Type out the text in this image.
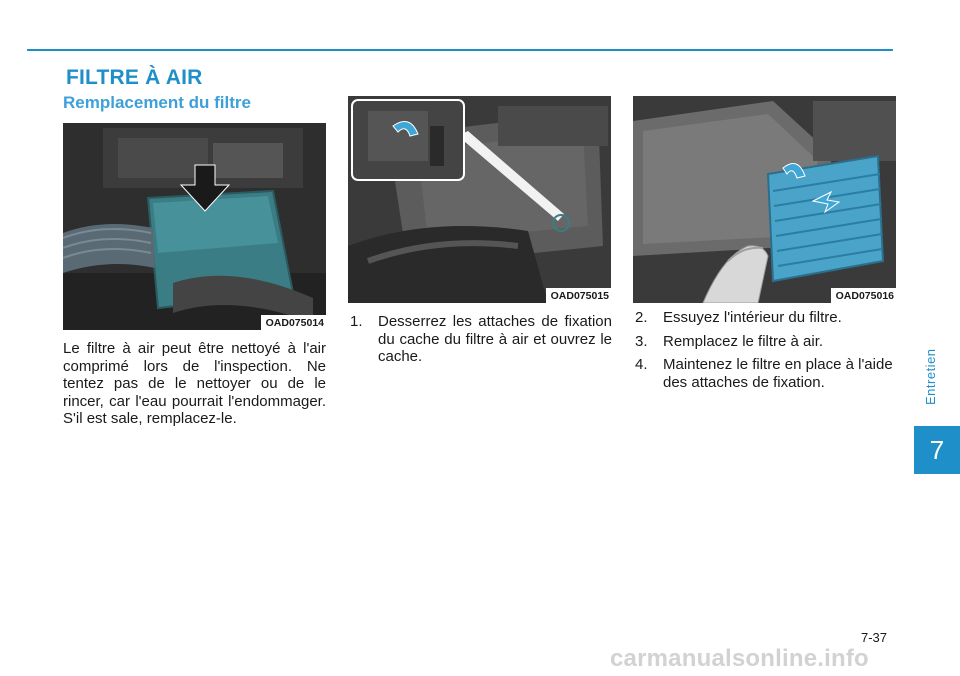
FILTRE À AIR
Remplacement du filtre
OAD075014
OAD075015	OAD075016

Le filtre à air peut être nettoyé à l'air comprimé lors de l'inspection. Ne tentez pas de le nettoyer ou de le rincer, car l'eau pourrait l'endommager. S'il est sale, remplacez-le.

1. Desserrez les attaches de fixation du cache du filtre à air et ouvrez le cache.
2. Essuyez l'intérieur du filtre.
3. Remplacez le filtre à air.
4. Maintenez le filtre en place à l'aide des attaches de fixation.	Entretien
7
7-37
carmanualsonline.info
